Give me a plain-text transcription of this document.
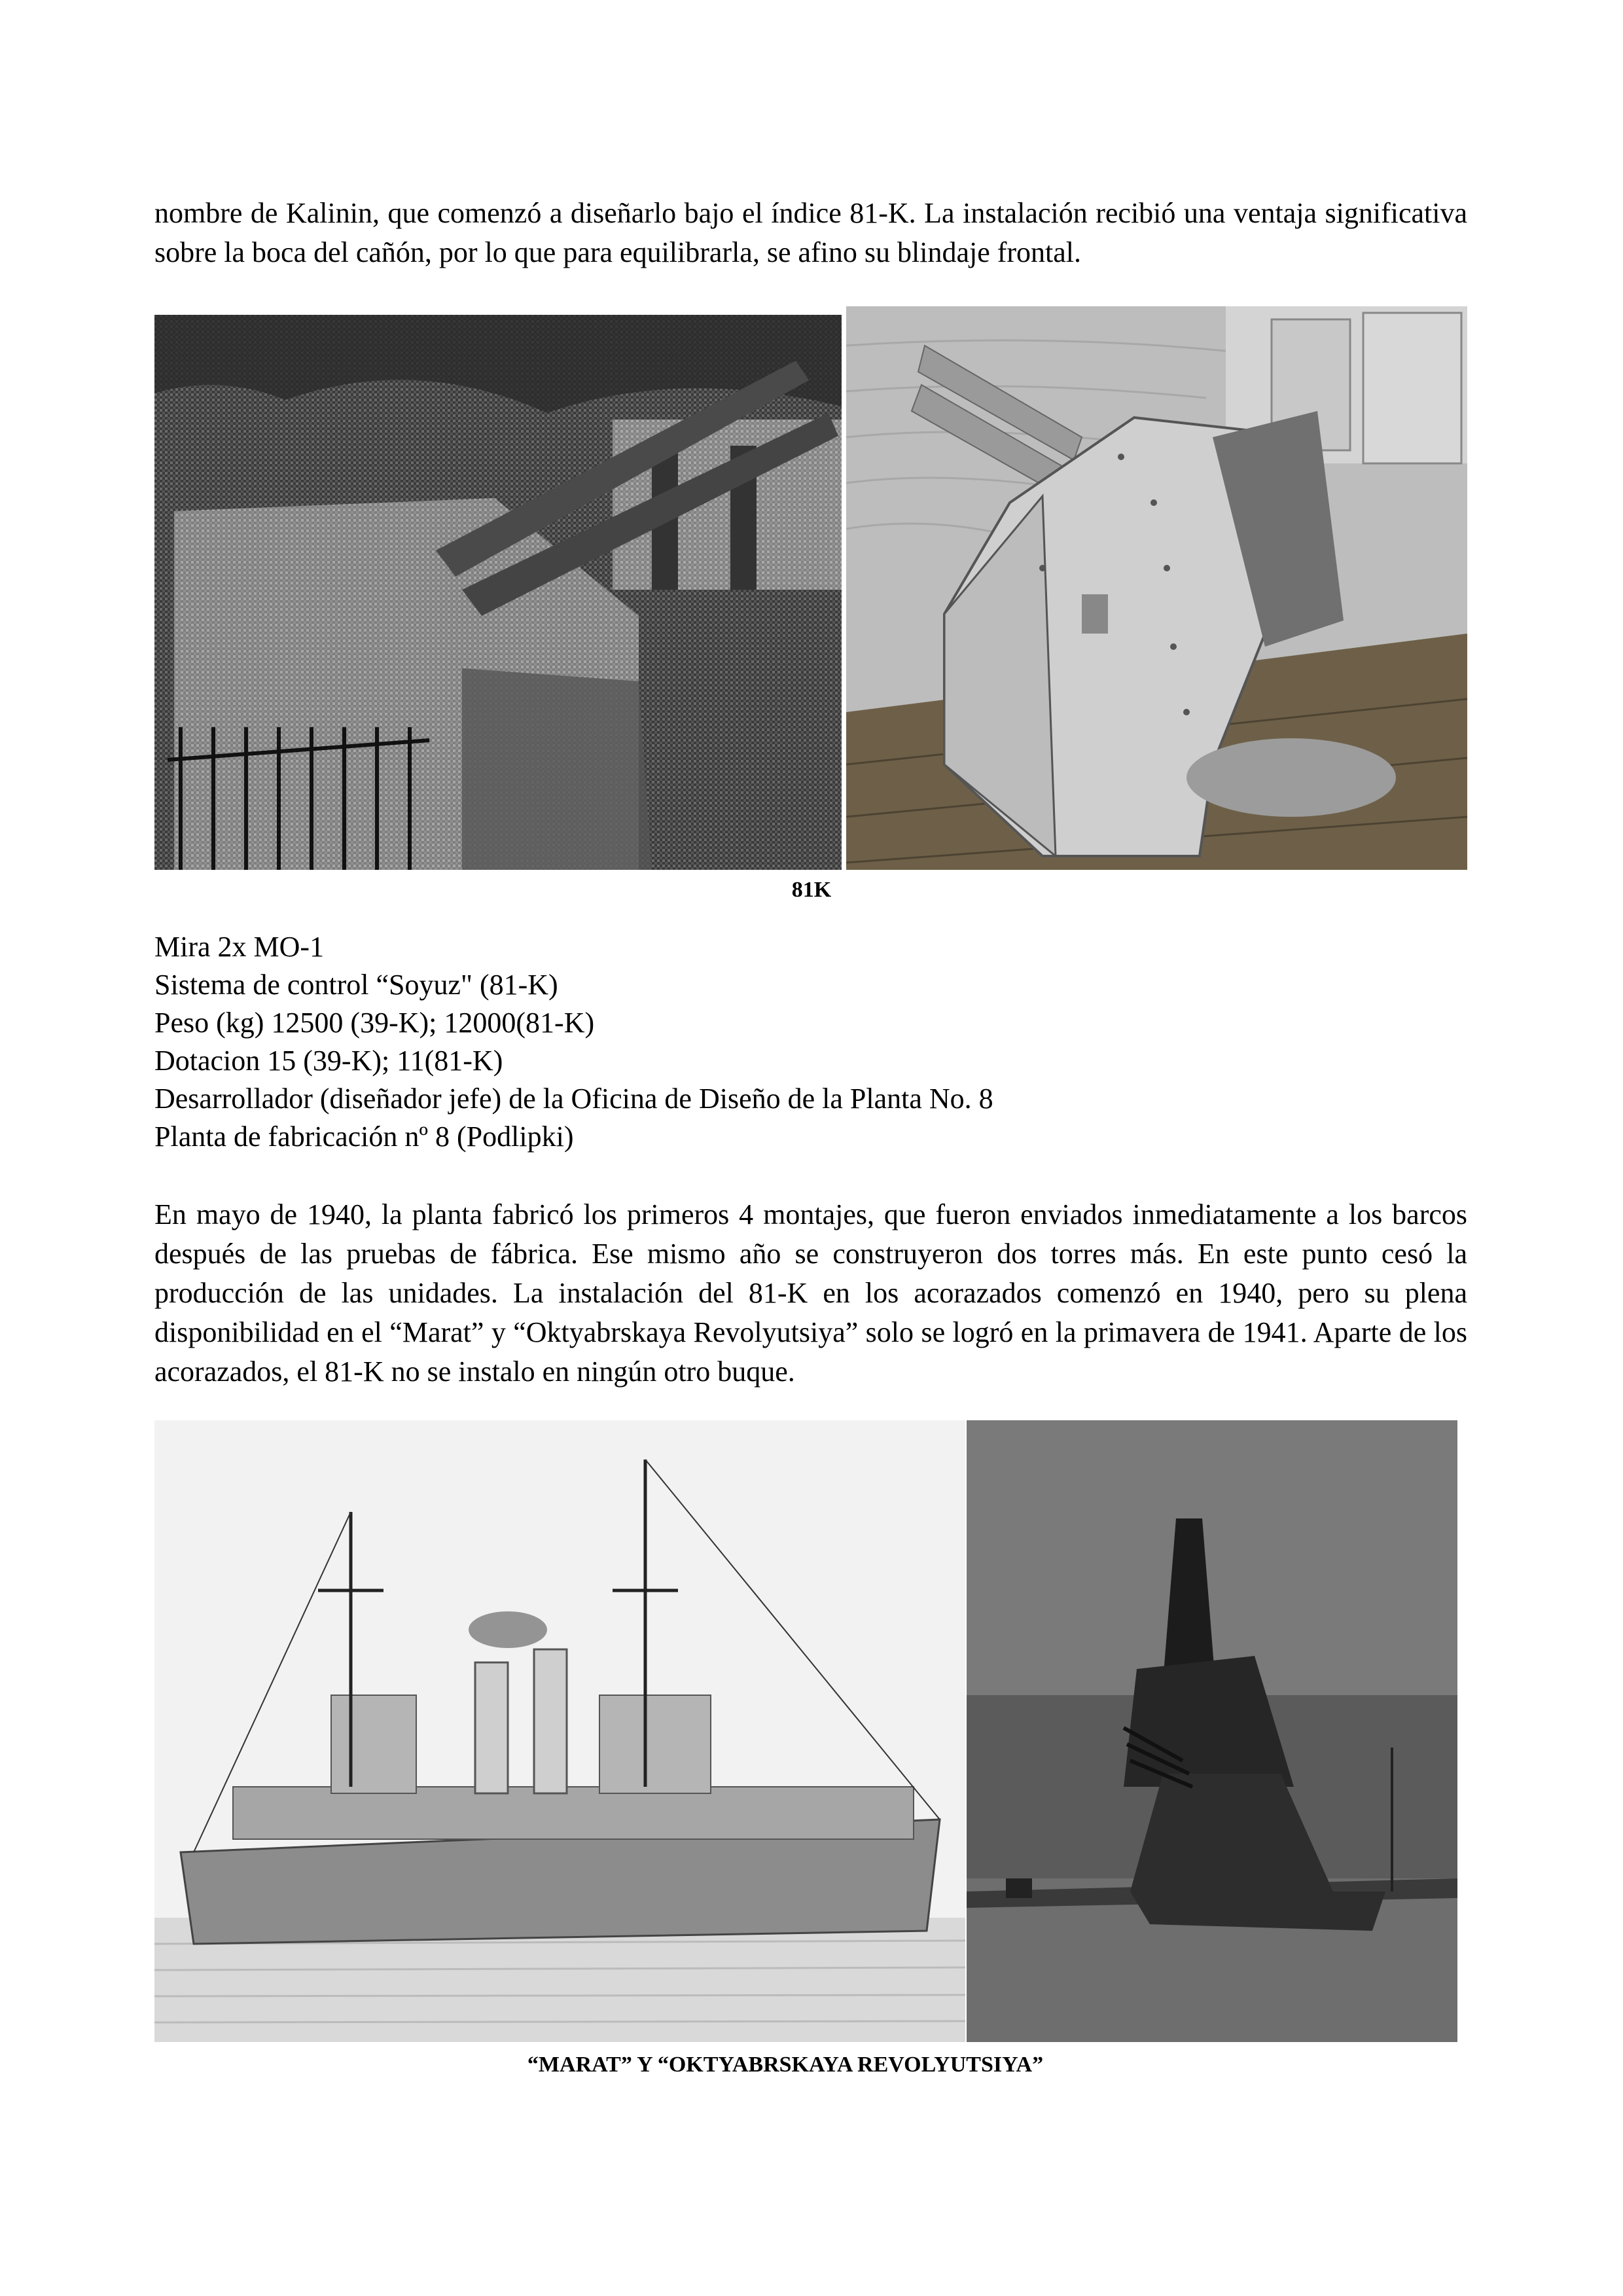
nombre de Kalinin, que comenzó a diseñarlo bajo el índice 81-K. La instalación recibió una ventaja significativa sobre la boca del cañón, por lo que para equilibrarla, se afino su blindaje frontal.

81K

Mira 2x MO-1
Sistema de control “Soyuz" (81-K)
Peso (kg) 12500 (39-K); 12000(81-K)
Dotacion 15 (39-K); 11(81-K)
Desarrollador (diseñador jefe) de la Oficina de Diseño de la Planta No. 8
Planta de fabricación nº 8 (Podlipki)

En mayo de 1940, la planta fabricó los primeros 4 montajes, que fueron enviados inmediatamente a los barcos después de las pruebas de fábrica. Ese mismo año se construyeron dos torres más. En este punto cesó la producción de las unidades. La instalación del 81-K en los acorazados comenzó en 1940, pero su plena disponibilidad en el “Marat” y “Oktyabrskaya Revolyutsiya” solo se logró en la primavera de 1941. Aparte de los acorazados, el 81-K no se instalo en ningún otro buque.

“MARAT” Y “OKTYABRSKAYA REVOLYUTSIYA”
